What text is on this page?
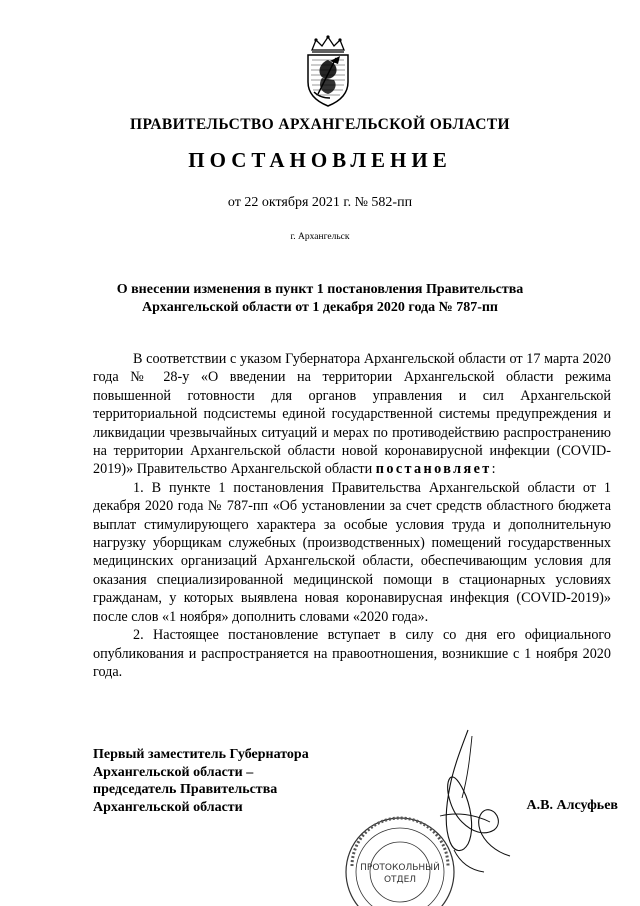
ПРАВИТЕЛЬСТВО АРХАНГЕЛЬСКОЙ ОБЛАСТИ
ПОСТАНОВЛЕНИЕ
от 22 октября 2021 г. № 582-пп
г. Архангельск
О внесении изменения в пункт 1 постановления Правительства
Архангельской области от 1 декабря 2020 года № 787-пп

В соответствии с указом Губернатора Архангельской области от 17 марта 2020 года № 28-у «О введении на территории Архангельской области режима повышенной готовности для органов управления и сил Архангельской территориальной подсистемы единой государственной системы предупреждения и ликвидации чрезвычайных ситуаций и мерах по противодействию распространению на территории Архангельской области новой коронавирусной инфекции (COVID-2019)» Правительство Архангельской области постановляет:

1. В пункте 1 постановления Правительства Архангельской области от 1 декабря 2020 года № 787-пп «Об установлении за счет средств областного бюджета выплат стимулирующего характера за особые условия труда и дополнительную нагрузку уборщикам служебных (производственных) помещений государственных медицинских организаций Архангельской области, обеспечивающим условия для оказания специализированной медицинской помощи в стационарных условиях гражданам, у которых выявлена новая коронавирусная инфекция (COVID-2019)» после слов «1 ноября» дополнить словами «2020 года».

2. Настоящее постановление вступает в силу со дня его официального опубликования и распространяется на правоотношения, возникшие с 1 ноября 2020 года.

Первый заместитель Губернатора
Архангельской области –
председатель Правительства
Архангельской области	А.В. Алсуфьев
ПРОТОКОЛЬНЫЙ
ОТДЕЛ
